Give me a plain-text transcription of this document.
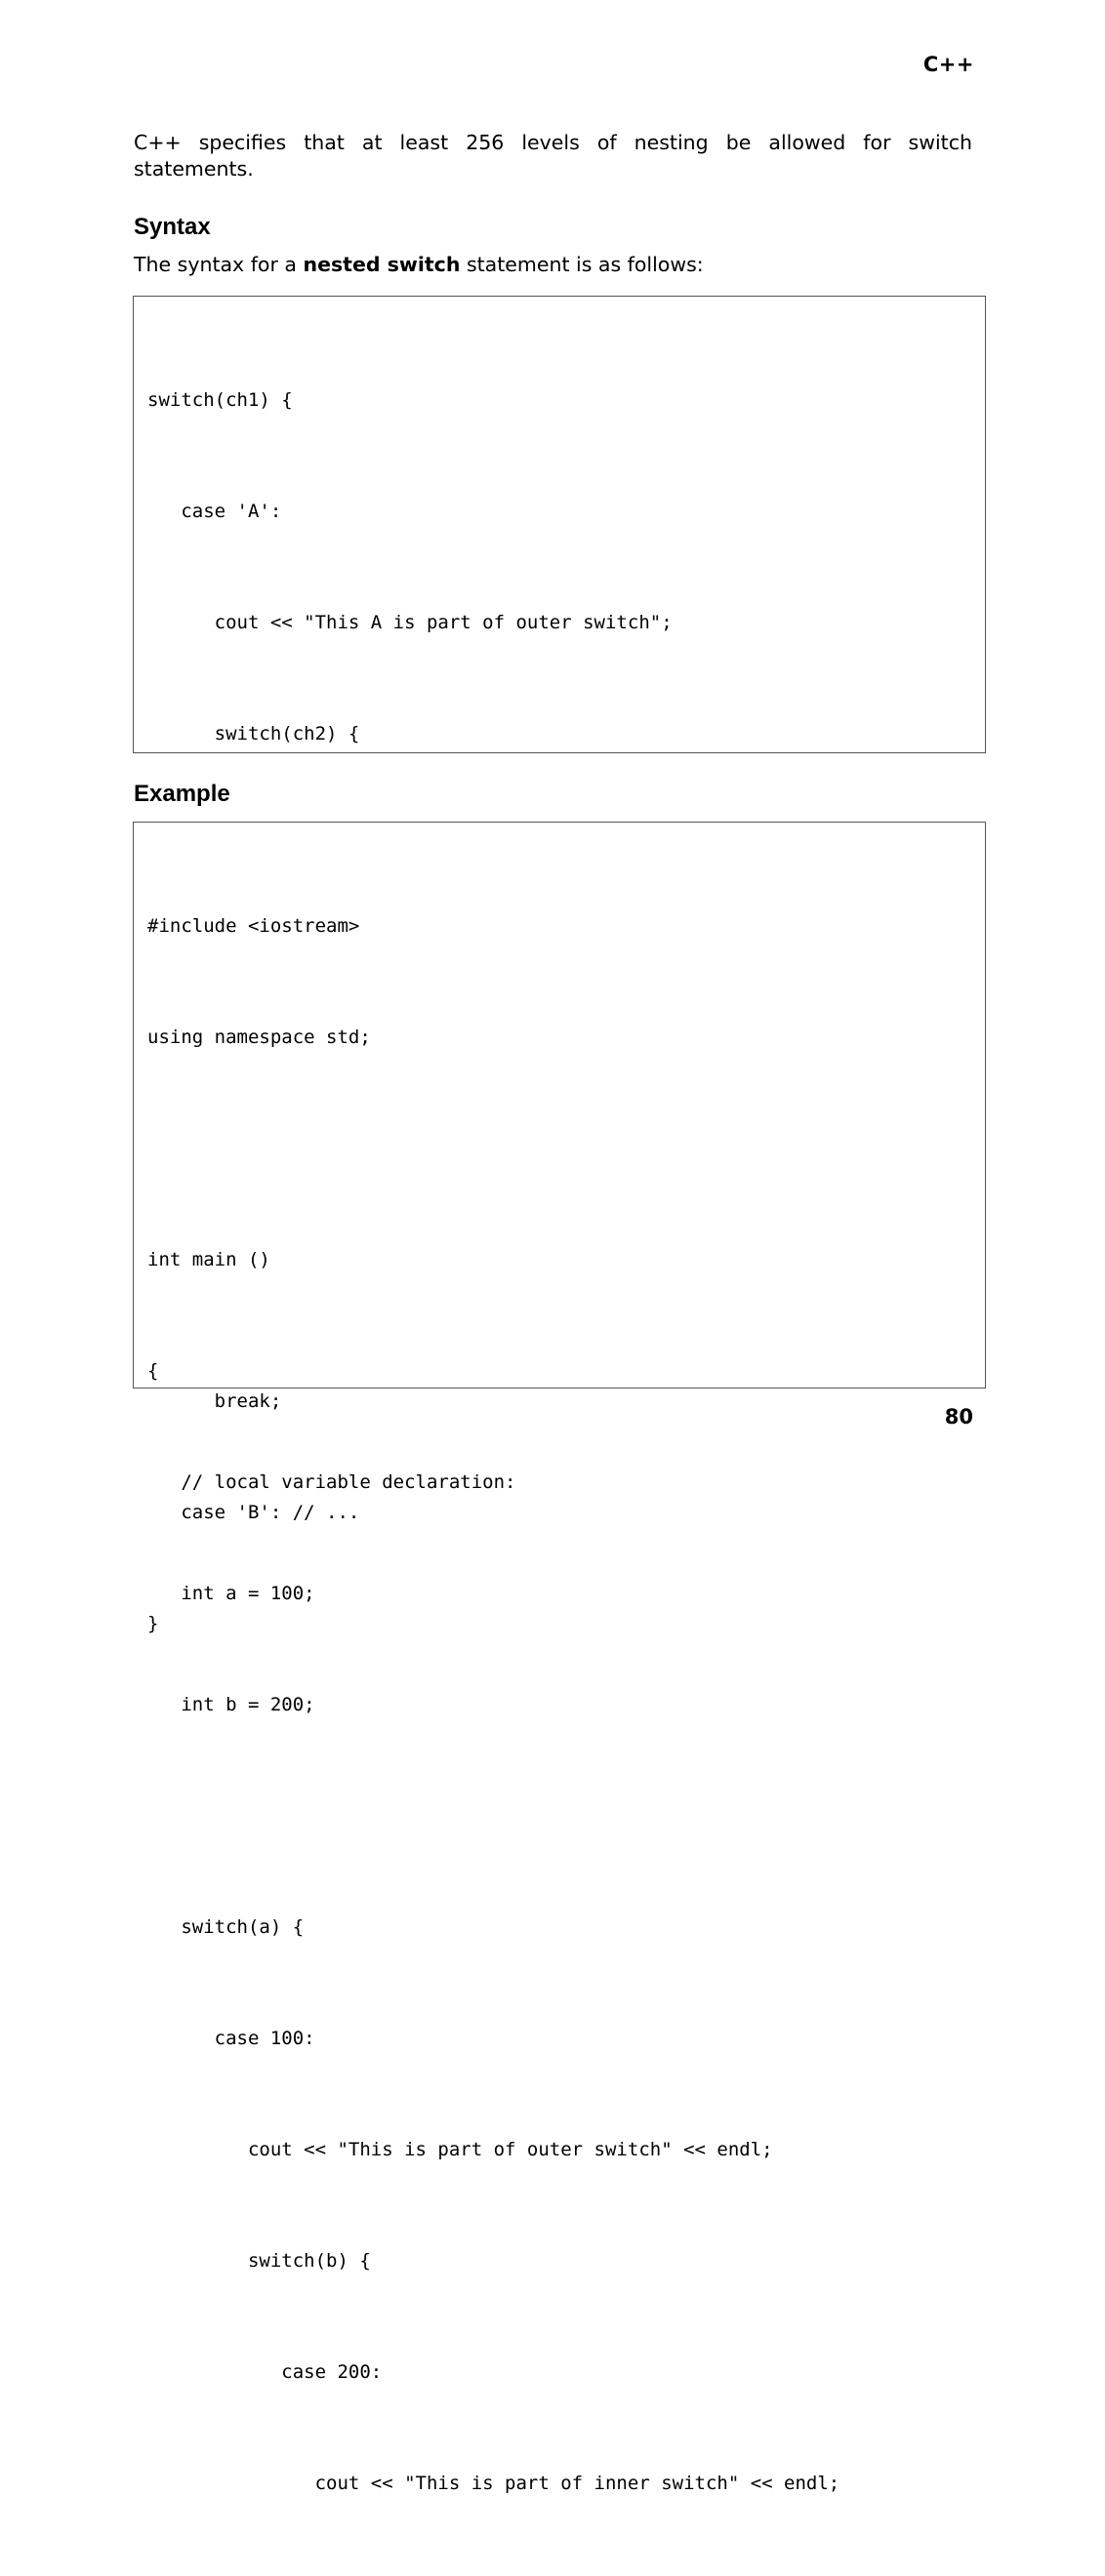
C++
C++ specifies that at least 256 levels of nesting be allowed for switch
statements.
Syntax
The syntax for a nested switch statement is as follows:

switch(ch1) {

case 'A':

cout << "This A is part of outer switch";

switch(ch2) {

break;

case 'B': // ...

}

Example

#include <iostream>

using namespace std;

int main ()

{

// local variable declaration:

int a = 100;

int b = 200;

switch(a) {

case 100:

cout << "This is part of outer switch" << endl;

switch(b) {

case 200:

cout << "This is part of inner switch" << endl;

80
